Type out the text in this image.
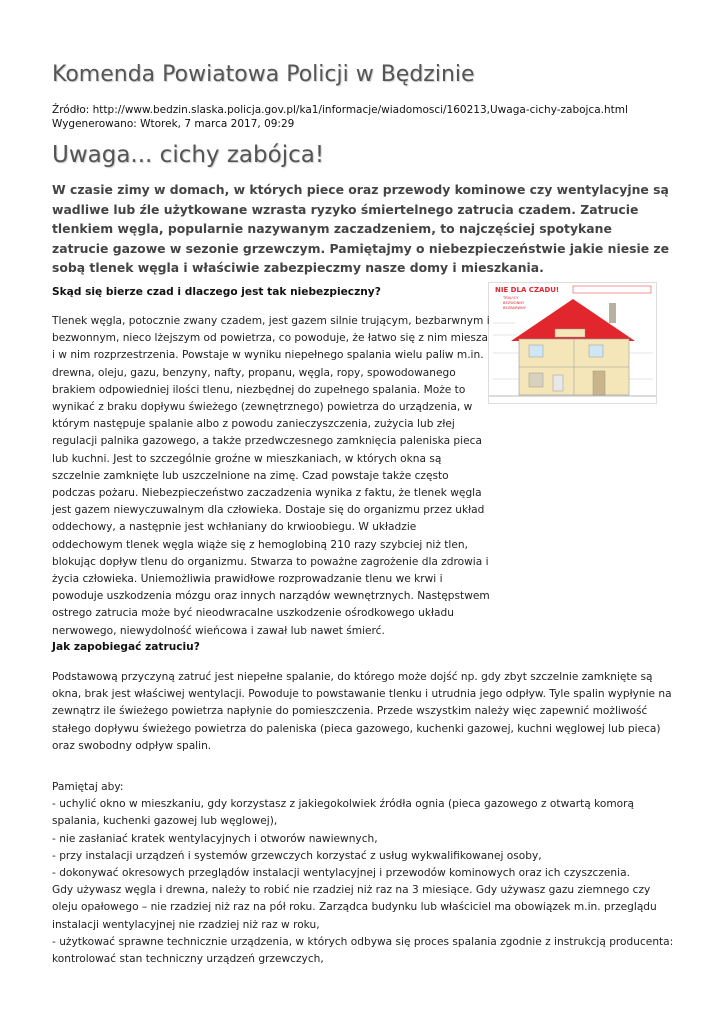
Komenda Powiatowa Policji w Będzinie
Źródło: http://www.bedzin.slaska.policja.gov.pl/ka1/informacje/wiadomosci/160213,Uwaga-cichy-zabojca.html
Wygenerowano: Wtorek, 7 marca 2017, 09:29
Uwaga... cichy zabójca!

W czasie zimy w domach, w których piece oraz przewody kominowe czy wentylacyjne są wadliwe lub źle użytkowane wzrasta ryzyko śmiertelnego zatrucia czadem. Zatrucie tlenkiem węgla, popularnie nazywanym zaczadzeniem, to najczęściej spotykane zatrucie gazowe w sezonie grzewczym. Pamiętajmy o niebezpieczeństwie jakie niesie ze sobą tlenek węgla i właściwie zabezpieczmy nasze domy i mieszkania.

Skąd się bierze czad i dlaczego jest tak niebezpieczny?	NIE DLA CZADU!
TRUJĄCY
BEZWONNY
BEZBARWNY

Tlenek węgla, potocznie zwany czadem, jest gazem silnie trującym, bezbarwnym i bezwonnym, nieco lżejszym od powietrza, co powoduje, że łatwo się z nim miesza i w nim rozprzestrzenia. Powstaje w wyniku niepełnego spalania wielu paliw m.in. drewna, oleju, gazu, benzyny, nafty, propanu, węgla, ropy, spowodowanego brakiem odpowiedniej ilości tlenu, niezbędnej do zupełnego spalania. Może to wynikać z braku dopływu świeżego (zewnętrznego) powietrza do urządzenia, w którym następuje spalanie albo z powodu zanieczyszczenia, zużycia lub złej regulacji palnika gazowego, a także przedwczesnego zamknięcia paleniska pieca lub kuchni. Jest to szczególnie groźne w mieszkaniach, w których okna są szczelnie zamknięte lub uszczelnione na zimę. Czad powstaje także często podczas pożaru. Niebezpieczeństwo zaczadzenia wynika z faktu, że tlenek węgla jest gazem niewyczuwalnym dla człowieka. Dostaje się do organizmu przez układ oddechowy, a następnie jest wchłaniany do krwioobiegu. W układzie oddechowym tlenek węgla wiąże się z hemoglobiną 210 razy szybciej niż tlen, blokując dopływ tlenu do organizmu. Stwarza to poważne zagrożenie dla zdrowia i życia człowieka. Uniemożliwia prawidłowe rozprowadzanie tlenu we krwi i powoduje uszkodzenia mózgu oraz innych narządów wewnętrznych. Następstwem ostrego zatrucia może być nieodwracalne uszkodzenie ośrodkowego układu nerwowego, niewydolność wieńcowa i zawał lub nawet śmierć.

Jak zapobiegać zatruciu?

Podstawową przyczyną zatruć jest niepełne spalanie, do którego może dojść np. gdy zbyt szczelnie zamknięte są okna, brak jest właściwej wentylacji. Powoduje to powstawanie tlenku i utrudnia jego odpływ. Tyle spalin wypłynie na zewnątrz ile świeżego powietrza napłynie do pomieszczenia. Przede wszystkim należy więc zapewnić możliwość stałego dopływu świeżego powietrza do paleniska (pieca gazowego, kuchenki gazowej, kuchni węglowej lub pieca) oraz swobodny odpływ spalin.

Pamiętaj aby:
- uchylić okno w mieszkaniu, gdy korzystasz z jakiegokolwiek źródła ognia (pieca gazowego z otwartą komorą spalania, kuchenki gazowej lub węglowej),
- nie zasłaniać kratek wentylacyjnych i otworów nawiewnych,
- przy instalacji urządzeń i systemów grzewczych korzystać z usług wykwalifikowanej osoby,
- dokonywać okresowych przeglądów instalacji wentylacyjnej i przewodów kominowych oraz ich czyszczenia.
Gdy używasz węgla i drewna, należy to robić nie rzadziej niż raz na 3 miesiące. Gdy używasz gazu ziemnego czy oleju opałowego – nie rzadziej niż raz na pół roku. Zarządca budynku lub właściciel ma obowiązek m.in. przeglądu instalacji wentylacyjnej nie rzadziej niż raz w roku,
- użytkować sprawne technicznie urządzenia, w których odbywa się proces spalania zgodnie z instrukcją producenta: kontrolować stan techniczny urządzeń grzewczych,
